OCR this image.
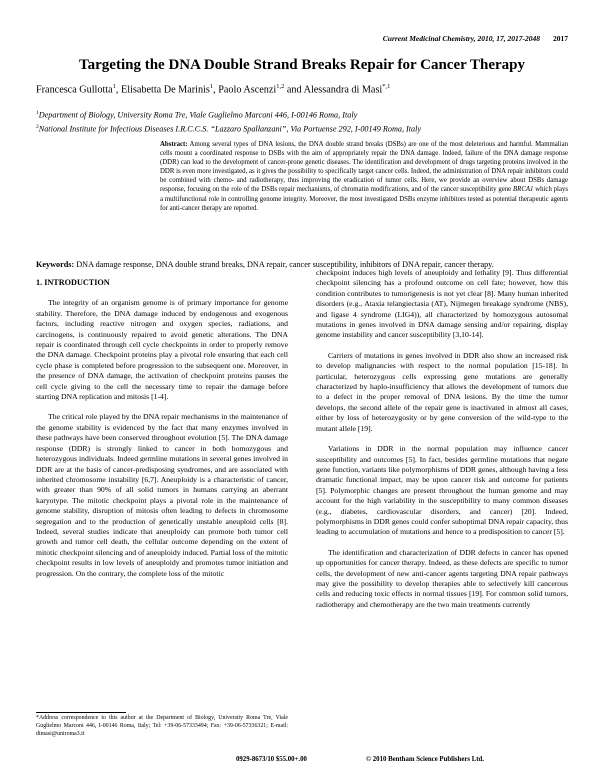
Current Medicinal Chemistry, 2010, 17, 2017-2048 2017
Targeting the DNA Double Strand Breaks Repair for Cancer Therapy
Francesca Gullotta$^1$, Elisabetta De Marinis$^1$, Paolo Ascenzi$^{1,2}$ and Alessandra di Masi$^{*,1}$
$^1$Department of Biology, University Roma Tre, Viale Guglielmo Marconi 446, I-00146 Roma, Italy
$^2$National Institute for Infectious Diseases I.R.C.C.S. “Lazzaro Spallanzani”, Via Portuense 292, I-00149 Roma, Italy
Abstract: Among several types of DNA lesions, the DNA double strand breaks (DSBs) are one of the most deleterious and harmful. Mammalian cells mount a coordinated response to DSBs with the aim of appropriately repair the DNA damage. Indeed, failure of the DNA damage response (DDR) can lead to the development of cancer-prone genetic diseases. The identification and development of drugs targeting proteins involved in the DDR is even more investigated, as it gives the possibility to specifically target cancer cells. Indeed, the administration of DNA repair inhibitors could be combined with chemo- and radiotherapy, thus improving the eradication of tumor cells. Here, we provide an overview about DSBs damage response, focusing on the role of the DSBs repair mechanisms, of chromatin modifications, and of the cancer susceptibility gene BRCA1 which plays a multifunctional role in controlling genome integrity. Moreover, the most investigated DSBs enzyme inhibitors tested as potential therapeutic agents for anti-cancer therapy are reported.
Keywords: DNA damage response, DNA double strand breaks, DNA repair, cancer susceptibility, inhibitors of DNA repair, cancer therapy.
1. INTRODUCTION

The integrity of an organism genome is of primary importance for genome stability. Therefore, the DNA damage induced by endogenous and exogenous factors, including reactive nitrogen and oxygen species, radiations, and carcinogens, is continuously repaired to avoid genetic alterations. The DNA repair is coordinated through cell cycle checkpoints in order to properly remove the DNA damage. Checkpoint proteins play a pivotal role ensuring that each cell cycle phase is completed before progression to the subsequent one. Moreover, in the presence of DNA damage, the activation of checkpoint proteins pauses the cell cycle giving to the cell the necessary time to repair the damage before starting DNA replication and mitosis [1-4].

The critical role played by the DNA repair mechanisms in the maintenance of the genome stability is evidenced by the fact that many enzymes involved in these pathways have been conserved throughout evolution [5]. The DNA damage response (DDR) is strongly linked to cancer in both homozygous and heterozygous individuals. Indeed germline mutations in several genes involved in DDR are at the basis of cancer-predisposing syndromes, and are associated with inherited chromosome instability [6,7]. Aneuploidy is a characteristic of cancer, with greater than 90% of all solid tumors in humans carrying an aberrant karyotype. The mitotic checkpoint plays a pivotal role in the maintenance of genome stability, disruption of mitosis often leading to defects in chromosome segregation and to the production of genetically unstable aneuploid cells [8]. Indeed, several studies indicate that aneuploidy can promote both tumor cell growth and tumor cell death, the cellular outcome depending on the extent of mitotic checkpoint silencing and of aneuploidy induced. Partial loss of the mitotic checkpoint results in low levels of aneuploidy and promotes tumor initiation and progression. On the contrary, the complete loss of the mitotic

checkpoint induces high levels of aneuploidy and lethality [9]. Thus differential checkpoint silencing has a profound outcome on cell fate; however, how this condition contributes to tumorigenesis is not yet clear [8]. Many human inherited disorders (e.g., Ataxia telangiectasia (AT), Nijmegen breakage syndrome (NBS), and ligase 4 syndrome (LIG4)), all characterized by homozygous autosomal mutations in genes involved in DNA damage sensing and/or repairing, display genome instability and cancer susceptibility [3,10-14].

Carriers of mutations in genes involved in DDR also show an increased risk to develop malignancies with respect to the normal population [15-18]. In particular, heterozygous cells expressing gene mutations are generally characterized by haplo-insufficiency that allows the development of tumors due to a defect in the proper removal of DNA lesions. By the time the tumor develops, the second allele of the repair gene is inactivated in almost all cases, either by loss of heterozygosity or by gene conversion of the wild-type to the mutant allele [19].

Variations in DDR in the normal population may influence cancer susceptibility and outcomes [5]. In fact, besides germline mutations that negate gene function, variants like polymorphisms of DDR genes, although having a less dramatic functional impact, may be upon cancer risk and outcome for patients [5]. Polymorphic changes are present throughout the human genome and may account for the high variability in the susceptibility to many common diseases (e.g., diabetes, cardiovascular disorders, and cancer) [20]. Indeed, polymorphisms in DDR genes could confer suboptimal DNA repair capacity, thus leading to accumulation of mutations and hence to a predisposition to cancer [5].

The identification and characterization of DDR defects in cancer has opened up opportunities for cancer therapy. Indeed, as these defects are specific to tumor cells, the development of new anti-cancer agents targeting DNA repair pathways may give the possibility to develop therapies able to selectively kill cancerous cells and reducing toxic effects in normal tissues [19]. For common solid tumors, radiotherapy and chemotherapy are the two main treatments currently

*Address correspondence to this author at the Department of Biology, University Roma Tre, Viale Guglielmo Marconi 446, I-00146 Roma, Italy; Tel: +39-06-57333494; Fax: +39-06-57336321; E-mail: dimasi@uniroma3.it
0929-8673/10 $55.00+.00	© 2010 Bentham Science Publishers Ltd.
